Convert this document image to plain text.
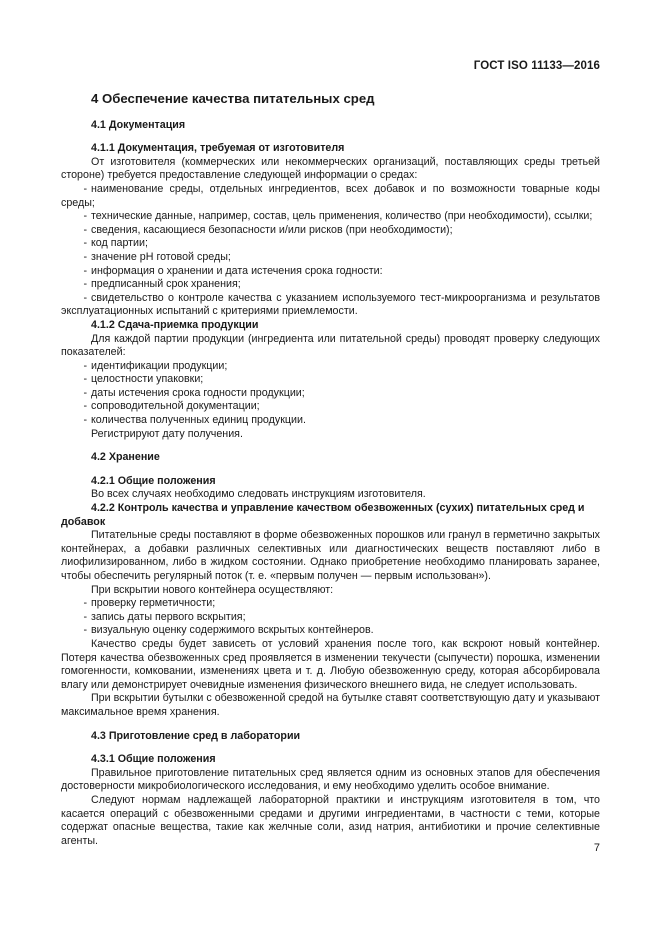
ГОСТ ISO 11133—2016
4 Обеспечение качества питательных сред
4.1 Документация
4.1.1 Документация, требуемая от изготовителя

От изготовителя (коммерческих или некоммерческих организаций, поставляющих среды третьей стороне) требуется предоставление следующей информации о средах:

- наименование среды, отдельных ингредиентов, всех добавок и по возможности товарные коды среды;

- технические данные, например, состав, цель применения, количество (при необходимости), ссылки;

- сведения, касающиеся безопасности и/или рисков (при необходимости);

- код партии;

- значение pH готовой среды;

- информация о хранении и дата истечения срока годности:

- предписанный срок хранения;

- свидетельство о контроле качества с указанием используемого тест-микроорганизма и результатов эксплуатационных испытаний с критериями приемлемости.

4.1.2 Сдача-приемка продукции

Для каждой партии продукции (ингредиента или питательной среды) проводят проверку следующих показателей:

- идентификации продукции;

- целостности упаковки;

- даты истечения срока годности продукции;

- сопроводительной документации;

- количества полученных единиц продукции.

Регистрируют дату получения.

4.2 Хранение
4.2.1 Общие положения

Во всех случаях необходимо следовать инструкциям изготовителя.

4.2.2 Контроль качества и управление качеством обезвоженных (сухих) питательных сред и добавок

Питательные среды поставляют в форме обезвоженных порошков или гранул в герметично закрытых контейнерах, а добавки различных селективных или диагностических веществ поставляют либо в лиофилизированном, либо в жидком состоянии. Однако приобретение необходимо планировать заранее, чтобы обеспечить регулярный поток (т. е. «первым получен — первым использован»).

При вскрытии нового контейнера осуществляют:

- проверку герметичности;

- запись даты первого вскрытия;

- визуальную оценку содержимого вскрытых контейнеров.

Качество среды будет зависеть от условий хранения после того, как вскроют новый контейнер. Потеря качества обезвоженных сред проявляется в изменении текучести (сыпучести) порошка, изменении гомогенности, комковании, изменениях цвета и т. д. Любую обезвоженную среду, которая абсорбировала влагу или демонстрирует очевидные изменения физического внешнего вида, не следует использовать.

При вскрытии бутылки с обезвоженной средой на бутылке ставят соответствующую дату и указывают максимальное время хранения.

4.3 Приготовление сред в лаборатории
4.3.1 Общие положения

Правильное приготовление питательных сред является одним из основных этапов для обеспечения достоверности микробиологического исследования, и ему необходимо уделить особое внимание.

Следуют нормам надлежащей лабораторной практики и инструкциям изготовителя в том, что касается операций с обезвоженными средами и другими ингредиентами, в частности с теми, которые содержат опасные вещества, такие как желчные соли, азид натрия, антибиотики и прочие селективные агенты.

7
